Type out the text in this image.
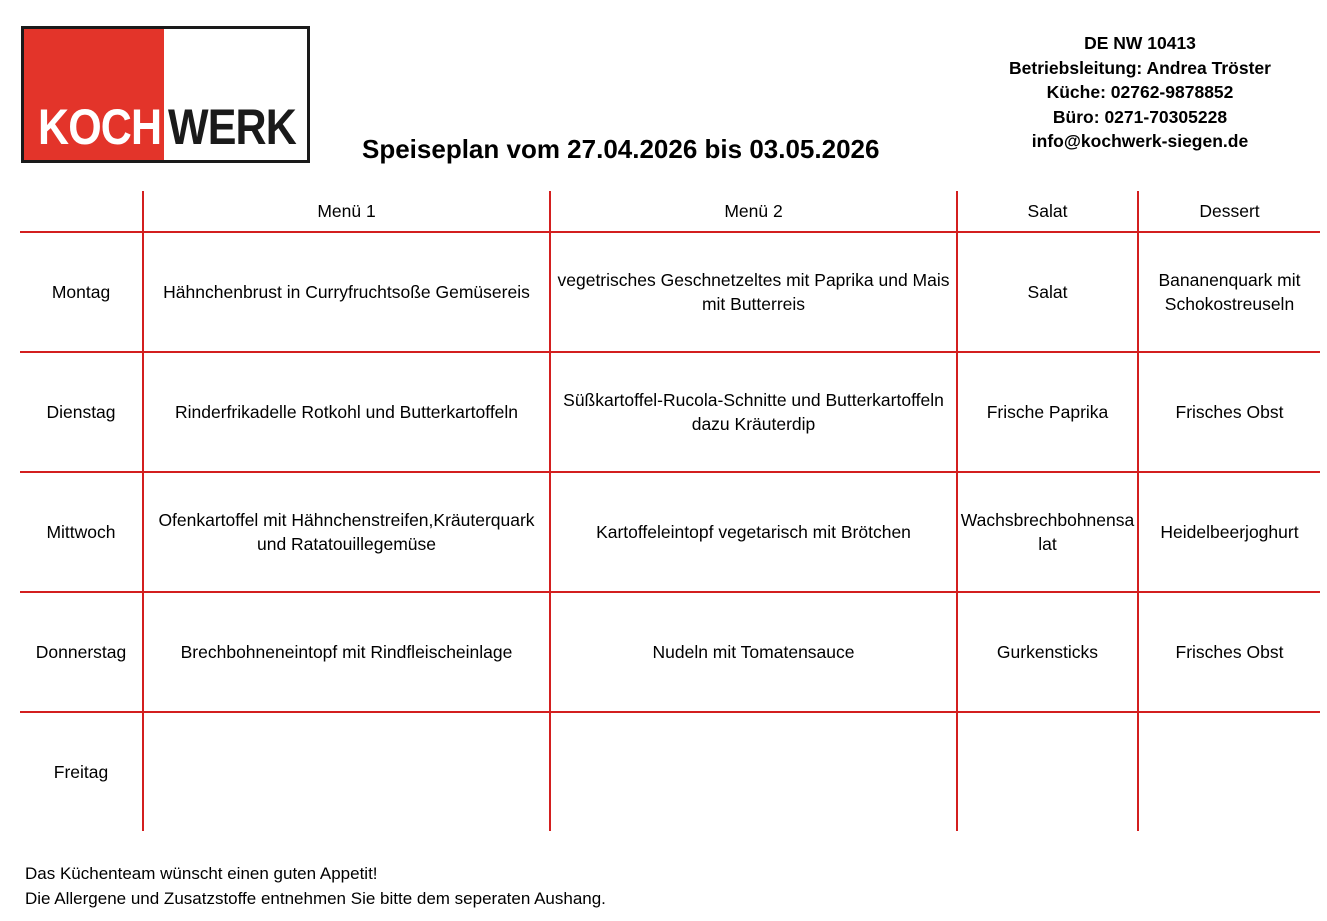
KOCH WERK	Speiseplan vom 27.04.2026 bis 03.05.2026
DE NW 10413
Betriebsleitung: Andrea Tröster
Küche: 02762-9878852
Büro: 0271-70305228
info@kochwerk-siegen.de
	Menü 1	Menü 2	Salat	Dessert
Montag	Hähnchenbrust in Curryfruchtsoße Gemüsereis	vegetrisches Geschnetzeltes mit Paprika und Mais mit Butterreis	Salat	Bananenquark mit Schokostreuseln
Dienstag	Rinderfrikadelle Rotkohl und Butterkartoffeln	Süßkartoffel-Rucola-Schnitte und Butterkartoffeln dazu Kräuterdip	Frische Paprika	Frisches Obst
Mittwoch	Ofenkartoffel mit Hähnchenstreifen,Kräuterquark und Ratatouillegemüse	Kartoffeleintopf vegetarisch mit Brötchen	Wachsbrechbohnensalat	Heidelbeerjoghurt
Donnerstag	Brechbohneneintopf mit Rindfleischeinlage	Nudeln mit Tomatensauce	Gurkensticks	Frisches Obst
Freitag				
Das Küchenteam wünscht einen guten Appetit!
Die Allergene und Zusatzstoffe entnehmen Sie bitte dem seperaten Aushang.
